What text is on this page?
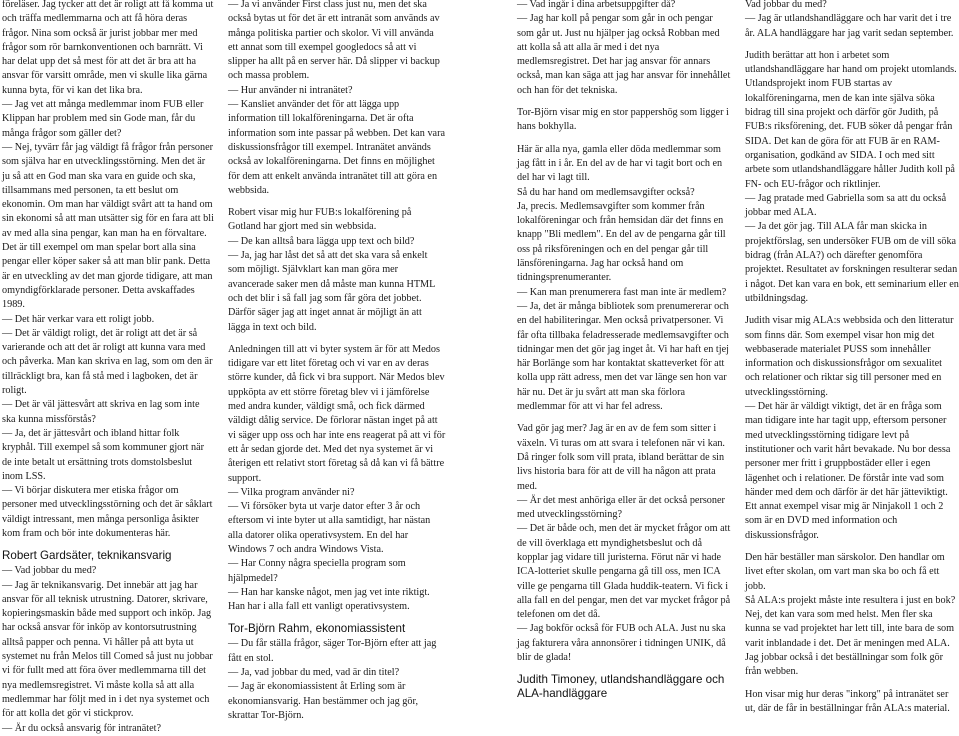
föreläser. Jag tycker att det är roligt att få komma ut och träffa medlemmarna och att få höra deras frågor. Nina som också är jurist jobbar mer med frågor som rör barnkonventionen och barnrätt. Vi har delat upp det så mest för att det är bra att ha ansvar för varsitt område, men vi skulle lika gärna kunna byta, för vi kan det lika bra.
— Jag vet att många medlemmar inom FUB eller Klippan har problem med sin Gode man, får du många frågor som gäller det?
— Nej, tyvärr får jag väldigt få frågor från personer som själva har en utvecklingsstörning. Men det är ju så att en God man ska vara en guide och ska, tillsammans med personen, ta ett beslut om ekonomin. Om man har väldigt svårt att ta hand om sin ekonomi så att man utsätter sig för en fara att bli av med alla sina pengar, kan man ha en förvaltare. Det är till exempel om man spelar bort alla sina pengar eller köper saker så att man blir pank. Detta är en utveckling av det man gjorde tidigare, att man omyndigförklarade personer. Detta avskaffades 1989.
— Det här verkar vara ett roligt jobb.
— Det är väldigt roligt, det är roligt att det är så varierande och att det är roligt att kunna vara med och påverka. Man kan skriva en lag, som om den är tillräckligt bra, kan få stå med i lagboken, det är roligt.
— Det är väl jättesvårt att skriva en lag som inte ska kunna missförstås?
— Ja, det är jättesvårt och ibland hittar folk kryphål. Till exempel så som kommuner gjort när de inte betalt ut ersättning trots domstolsbeslut inom LSS.
— Vi börjar diskutera mer etiska frågor om personer med utvecklingsstörning och det är såklart väldigt intressant, men många personliga åsikter kom fram och bör inte dokumenteras här.
Robert Gardsäter, teknikansvarig
— Vad jobbar du med?
— Jag är teknikansvarig. Det innebär att jag har ansvar för all teknisk utrustning. Datorer, skrivare, kopieringsmaskin både med support och inköp. Jag har också ansvar för inköp av kontorsutrustning alltså papper och penna. Vi håller på att byta ut systemet nu från Melos till Comed så just nu jobbar vi för fullt med att föra över medlemmarna till det nya medlemsregistret. Vi måste kolla så att alla medlemmar har följt med in i det nya systemet och för att kolla det gör vi stickprov.
— Är du också ansvarig för intranätet?
— Ja vi använder First class just nu, men det ska också bytas ut för det är ett intranät som används av många politiska partier och skolor. Vi vill använda ett annat som till exempel googledocs så att vi slipper ha allt på en server här. Då slipper vi backup och massa problem.
— Hur använder ni intranätet?
— Kansliet använder det för att lägga upp information till lokalföreningarna. Det är ofta information som inte passar på webben. Det kan vara diskussionsfrågor till exempel. Intranätet används också av lokalföreningarna. Det finns en möjlighet för dem att enkelt använda intranätet till att göra en webbsida.
Robert visar mig hur FUB:s lokalförening på Gotland har gjort med sin webbsida.
— De kan alltså bara lägga upp text och bild?
— Ja, jag har låst det så att det ska vara så enkelt som möjligt. Självklart kan man göra mer avancerade saker men då måste man kunna HTML och det blir i så fall jag som får göra det jobbet. Därför säger jag att inget annat är möjligt än att lägga in text och bild.
Anledningen till att vi byter system är för att Medos tidigare var ett litet företag och vi var en av deras större kunder, då fick vi bra support. När Medos blev uppköpta av ett större företag blev vi i jämförelse med andra kunder, väldigt små, och fick därmed väldigt dålig service. De förlorar nästan inget på att vi säger upp oss och har inte ens reagerat på att vi för ett år sedan gjorde det. Med det nya systemet är vi återigen ett relativt stort företag så då kan vi få bättre support.
— Vilka program använder ni?
— Vi försöker byta ut varje dator efter 3 år och eftersom vi inte byter ut alla samtidigt, har nästan alla datorer olika operativsystem. En del har Windows 7 och andra Windows Vista.
— Har Conny några speciella program som hjälpmedel?
— Han har kanske något, men jag vet inte riktigt. Han har i alla fall ett vanligt operativsystem.
Tor-Björn Rahm, ekonomiassistent
— Du får ställa frågor, säger Tor-Björn efter att jag fått en stol.
— Ja, vad jobbar du med, vad är din titel?
— Jag är ekonomiassistent åt Erling som är ekonomiansvarig. Han bestämmer och jag gör, skrattar Tor-Björn.
— Vad ingår i dina arbetsuppgifter då?
— Jag har koll på pengar som går in och pengar som går ut. Just nu hjälper jag också Robban med att kolla så att alla är med i det nya medlemsregistret. Det har jag ansvar för annars också, man kan säga att jag har ansvar för innehållet och han för det tekniska.
Tor-Björn visar mig en stor pappershög som ligger i hans bokhylla.
Här är alla nya, gamla eller döda medlemmar som jag fått in i år. En del av de har vi tagit bort och en del har vi lagt till.
Så du har hand om medlemsavgifter också?
Ja, precis. Medlemsavgifter som kommer från lokalföreningar och från hemsidan där det finns en knapp "Bli medlem". En del av de pengarna går till oss på riksföreningen och en del pengar går till länsföreningarna. Jag har också hand om tidningsprenumeranter.
— Kan man prenumerera fast man inte är medlem?
— Ja, det är många bibliotek som prenumererar och en del habiliteringar. Men också privatpersoner. Vi får ofta tillbaka feladresserade medlemsavgifter och tidningar men det gör jag inget åt. Vi har haft en tjej här Borlänge som har kontaktat skatteverket för att kolla upp rätt adress, men det var länge sen hon var här nu. Det är ju svårt att man ska förlora medlemmar för att vi har fel adress.
Vad gör jag mer? Jag är en av de fem som sitter i växeln. Vi turas om att svara i telefonen när vi kan. Då ringer folk som vill prata, ibland berättar de sin livs historia bara för att de vill ha någon att prata med.
— Är det mest anhöriga eller är det också personer med utvecklingsstörning?
— Det är både och, men det är mycket frågor om att de vill överklaga ett myndighetsbeslut och då kopplar jag vidare till juristerna. Förut när vi hade ICA-lotteriet skulle pengarna gå till oss, men ICA ville ge pengarna till Glada huddik-teatern. Vi fick i alla fall en del pengar, men det var mycket frågor på telefonen om det då.
— Jag bokför också för FUB och ALA. Just nu ska jag fakturera våra annonsörer i tidningen UNIK, då blir de glada!
Judith Timoney, utlandshandläggare och ALA-handläggare
Vad jobbar du med?
— Jag är utlandshandläggare och har varit det i tre år. ALA handläggare har jag varit sedan september.
Judith berättar att hon i arbetet som utlandshandläggare har hand om projekt utomlands.
Utlandsprojekt inom FUB startas av lokalföreningarna, men de kan inte själva söka bidrag till sina projekt och därför gör Judith, på FUB:s riksförening, det. FUB söker då pengar från SIDA. Det kan de göra för att FUB är en RAM-organisation, godkänd av SIDA. I och med sitt arbete som utlandshandläggare håller Judith koll på FN- och EU-frågor och riktlinjer.
— Jag pratade med Gabriella som sa att du också jobbar med ALA.
— Ja det gör jag. Till ALA får man skicka in projektförslag, sen undersöker FUB om de vill söka bidrag (från ALA?) och därefter genomföra projektet. Resultatet av forskningen resulterar sedan i något. Det kan vara en bok, ett seminarium eller en utbildningsdag.
Judith visar mig ALA:s webbsida och den litteratur som finns där. Som exempel visar hon mig det webbaserade materialet PUSS som innehåller information och diskussionsfrågor om sexualitet och relationer och riktar sig till personer med en utvecklingsstörning.
— Det här är väldigt viktigt, det är en fråga som man tidigare inte har tagit upp, eftersom personer med utvecklingsstörning tidigare levt på institutioner och varit hårt bevakade. Nu bor dessa personer mer fritt i gruppbostäder eller i egen lägenhet och i relationer. De förstår inte vad som händer med dem och därför är det här jätteviktigt. Ett annat exempel visar mig är Ninjakoll 1 och 2 som är en DVD med information och diskussionsfrågor.
Den här beställer man särskolor. Den handlar om livet efter skolan, om vart man ska bo och få ett jobb.
Så ALA:s projekt måste inte resultera i just en bok? Nej, det kan vara som med helst. Men fler ska kunna se vad projektet har lett till, inte bara de som varit inblandade i det. Det är meningen med ALA. Jag jobbar också i det beställningar som folk gör från webben.
Hon visar mig hur deras "inkorg" på intranätet ser ut, där de får in beställningar från ALA:s material.
